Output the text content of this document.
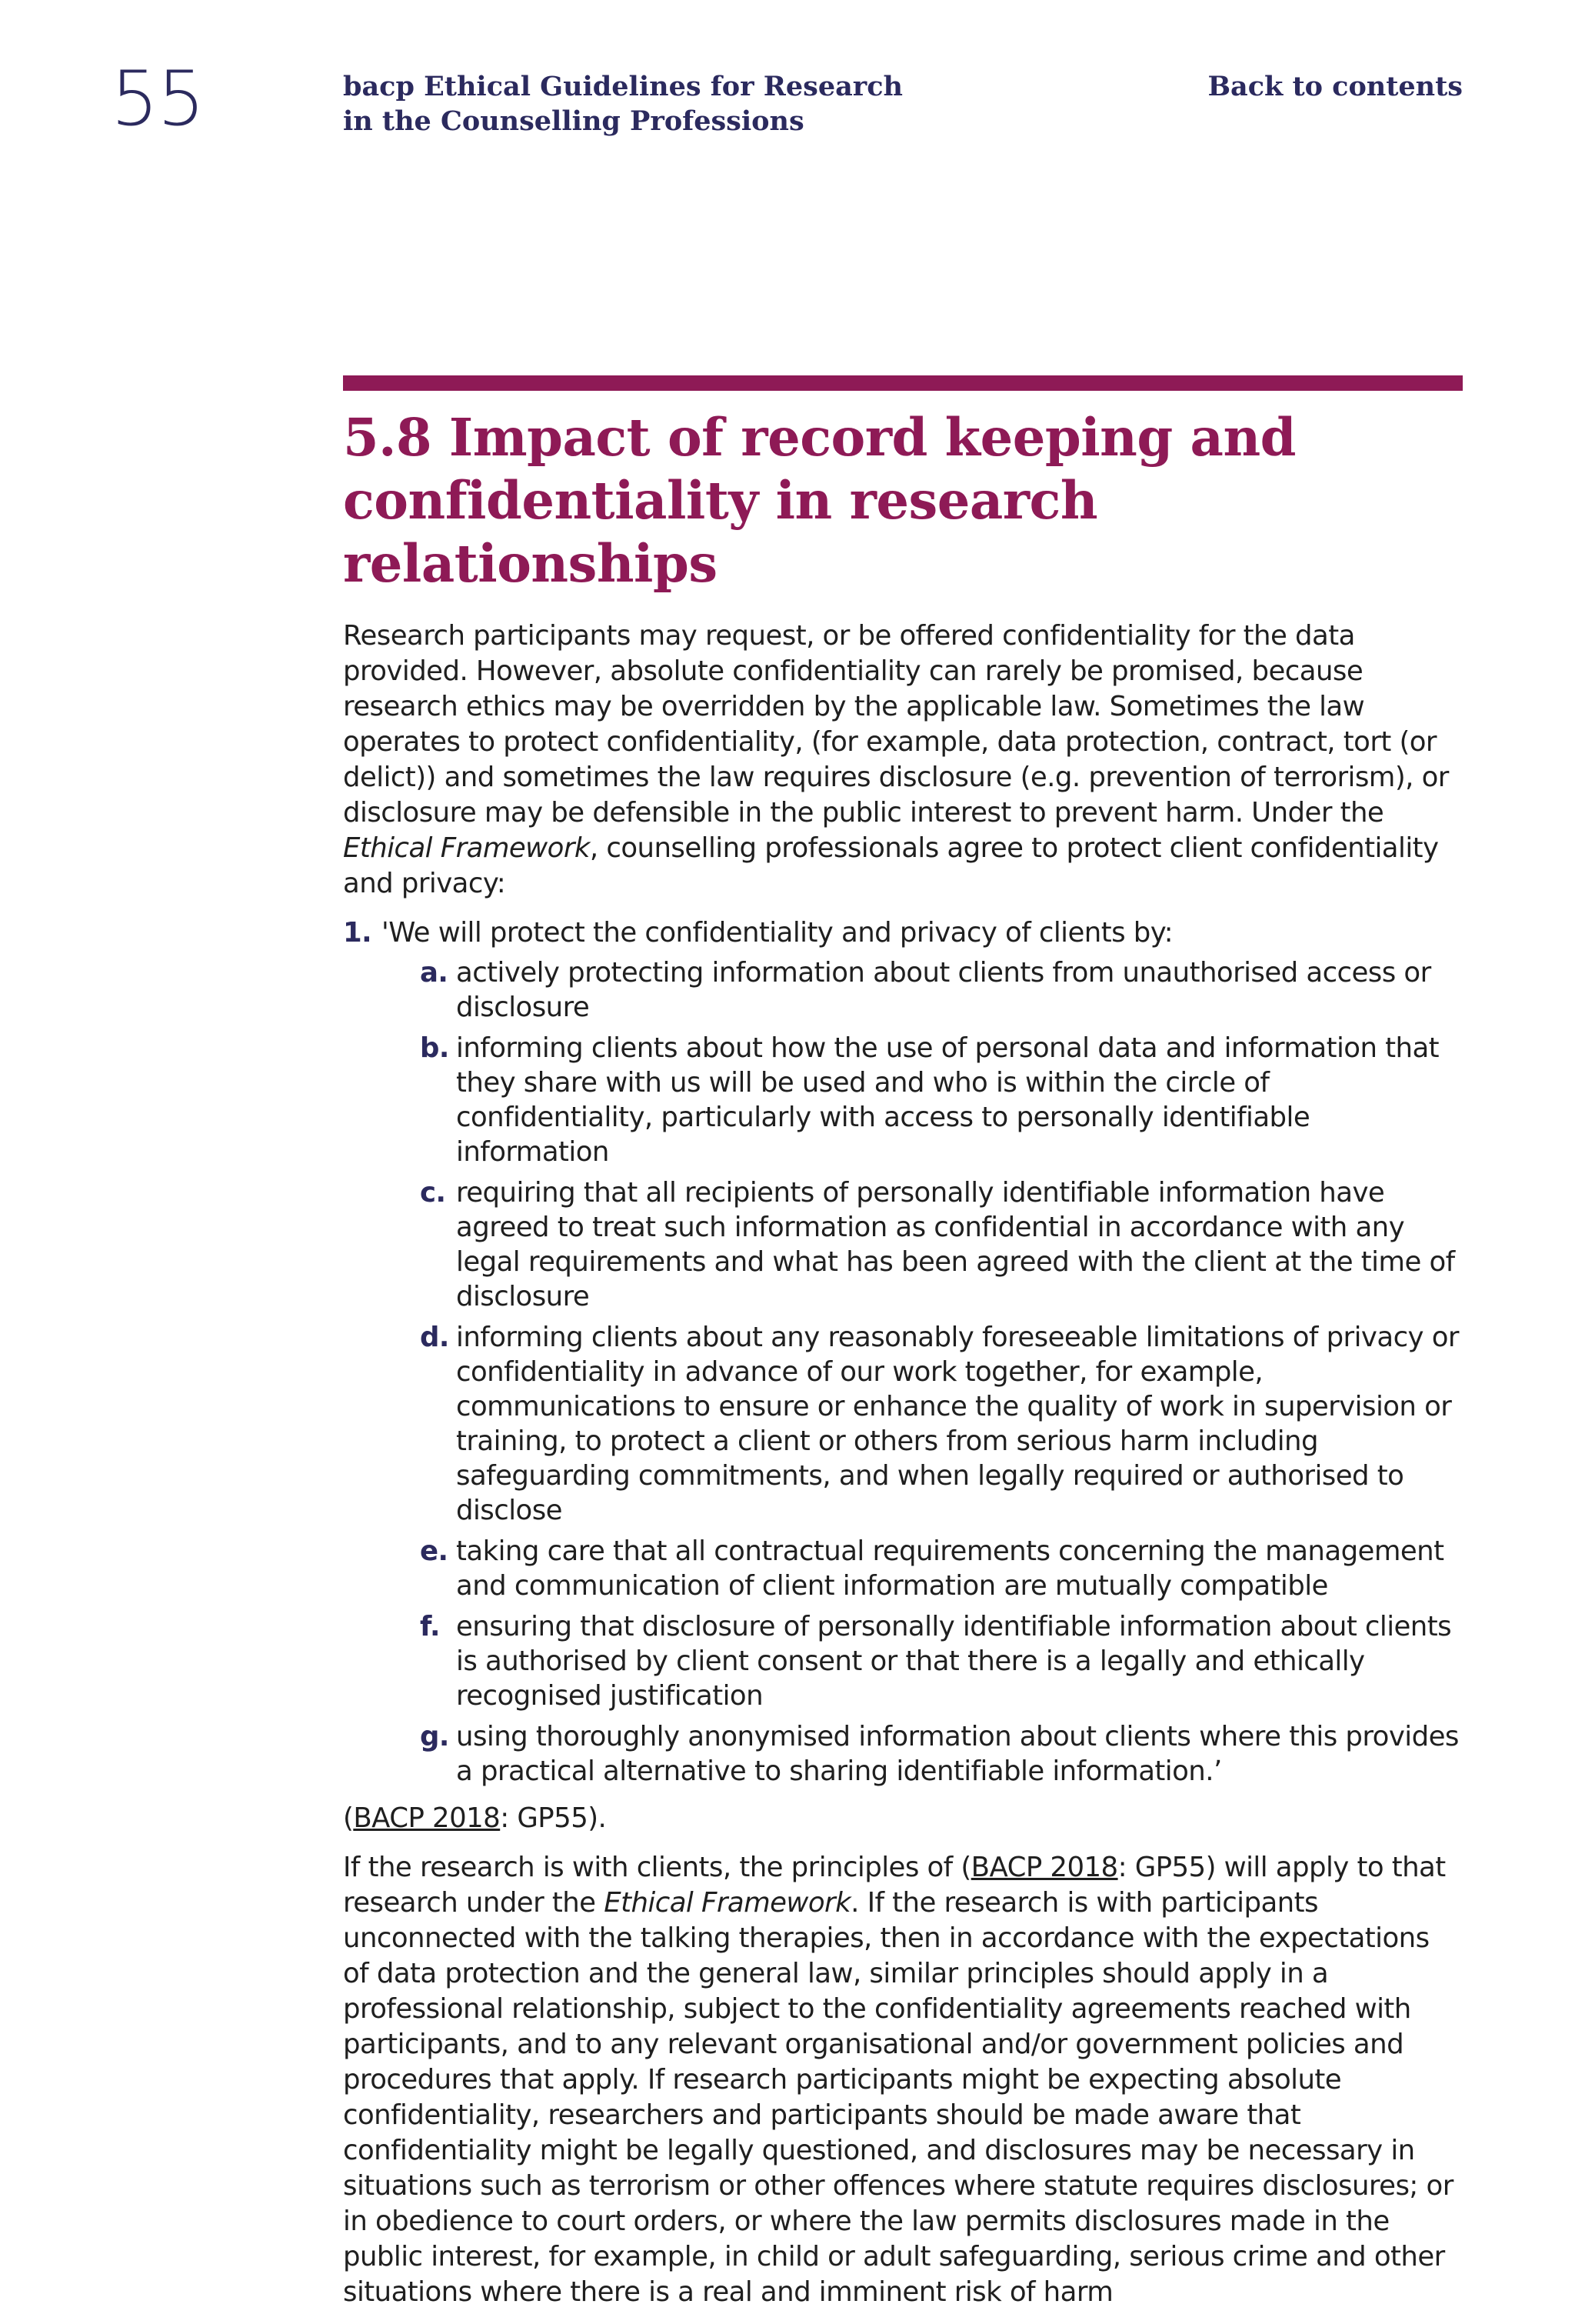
55	bacp Ethical Guidelines for Research
in the Counselling Professions
Back to contents
5.8 Impact of record keeping and
confidentiality in research relationships

Research participants may request, or be offered confidentiality for the data provided. However, absolute confidentiality can rarely be promised, because research ethics may be overridden by the applicable law. Sometimes the law operates to protect confidentiality, (for example, data protection, contract, tort (or delict)) and sometimes the law requires disclosure (e.g. prevention of terrorism), or disclosure may be defensible in the public interest to prevent harm. Under the Ethical Framework, counselling professionals agree to protect client confidentiality and privacy:

1. 'We will protect the confidentiality and privacy of clients by:
a. actively protecting information about clients from unauthorised access or disclosure
b. informing clients about how the use of personal data and information that they share with us will be used and who is within the circle of confidentiality, particularly with access to personally identifiable information
c. requiring that all recipients of personally identifiable information have agreed to treat such information as confidential in accordance with any legal requirements and what has been agreed with the client at the time of disclosure
d. informing clients about any reasonably foreseeable limitations of privacy or confidentiality in advance of our work together, for example, communications to ensure or enhance the quality of work in supervision or training, to protect a client or others from serious harm including safeguarding commitments, and when legally required or authorised to disclose
e. taking care that all contractual requirements concerning the management and communication of client information are mutually compatible
f. ensuring that disclosure of personally identifiable information about clients is authorised by client consent or that there is a legally and ethically recognised justification
g. using thoroughly anonymised information about clients where this provides a practical alternative to sharing identifiable information.’

(BACP 2018: GP55).

If the research is with clients, the principles of (BACP 2018: GP55) will apply to that research under the Ethical Framework. If the research is with participants unconnected with the talking therapies, then in accordance with the expectations of data protection and the general law, similar principles should apply in a professional relationship, subject to the confidentiality agreements reached with participants, and to any relevant organisational and/or government policies and procedures that apply. If research participants might be expecting absolute confidentiality, researchers and participants should be made aware that confidentiality might be legally questioned, and disclosures may be necessary in situations such as terrorism or other offences where statute requires disclosures; or in obedience to court orders, or where the law permits disclosures made in the public interest, for example, in child or adult safeguarding, serious crime and other situations where there is a real and imminent risk of harm
